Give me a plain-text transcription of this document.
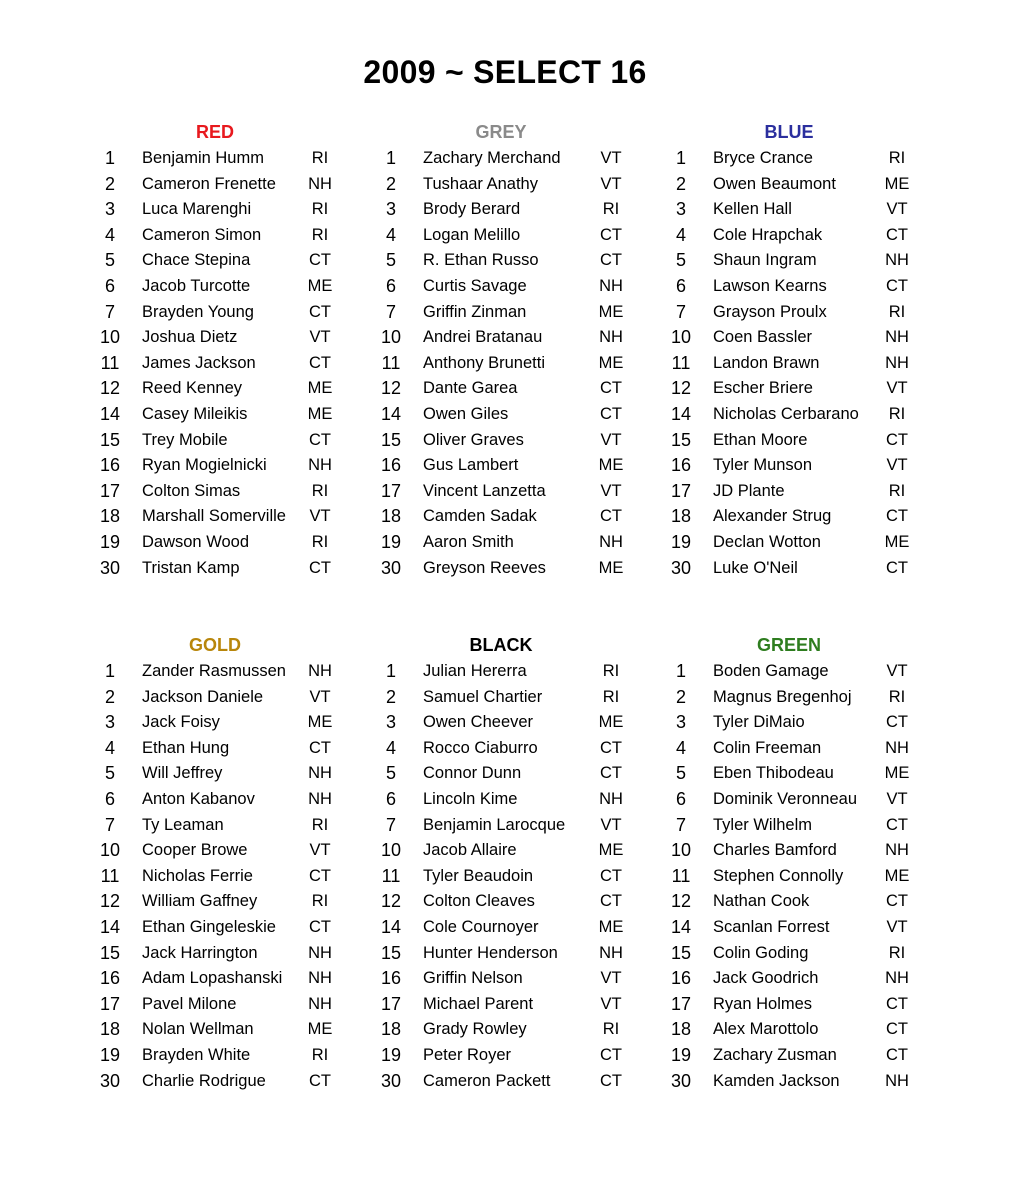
2009 ~ SELECT 16
RED
1	Benjamin Humm	RI
2	Cameron Frenette	NH
3	Luca Marenghi	RI
4	Cameron Simon	RI
5	Chace Stepina	CT
6	Jacob Turcotte	ME
7	Brayden Young	CT
10	Joshua Dietz	VT
11	James Jackson	CT
12	Reed Kenney	ME
14	Casey Mileikis	ME
15	Trey Mobile	CT
16	Ryan Mogielnicki	NH
17	Colton Simas	RI
18	Marshall Somerville	VT
19	Dawson Wood	RI
30	Tristan Kamp	CT
GREY
1	Zachary Merchand	VT
2	Tushaar Anathy	VT
3	Brody Berard	RI
4	Logan Melillo	CT
5	R. Ethan Russo	CT
6	Curtis Savage	NH
7	Griffin Zinman	ME
10	Andrei Bratanau	NH
11	Anthony Brunetti	ME
12	Dante Garea	CT
14	Owen Giles	CT
15	Oliver Graves	VT
16	Gus Lambert	ME
17	Vincent Lanzetta	VT
18	Camden Sadak	CT
19	Aaron Smith	NH
30	Greyson Reeves	ME
BLUE
1	Bryce Crance	RI
2	Owen Beaumont	ME
3	Kellen Hall	VT
4	Cole Hrapchak	CT
5	Shaun Ingram	NH
6	Lawson Kearns	CT
7	Grayson Proulx	RI
10	Coen Bassler	NH
11	Landon Brawn	NH
12	Escher Briere	VT
14	Nicholas Cerbarano	RI
15	Ethan Moore	CT
16	Tyler Munson	VT
17	JD Plante	RI
18	Alexander Strug	CT
19	Declan Wotton	ME
30	Luke O'Neil	CT
GOLD
1	Zander Rasmussen	NH
2	Jackson Daniele	VT
3	Jack Foisy	ME
4	Ethan Hung	CT
5	Will Jeffrey	NH
6	Anton Kabanov	NH
7	Ty Leaman	RI
10	Cooper Browe	VT
11	Nicholas Ferrie	CT
12	William Gaffney	RI
14	Ethan Gingeleskie	CT
15	Jack Harrington	NH
16	Adam Lopashanski	NH
17	Pavel Milone	NH
18	Nolan Wellman	ME
19	Brayden White	RI
30	Charlie Rodrigue	CT
BLACK
1	Julian Hererra	RI
2	Samuel Chartier	RI
3	Owen Cheever	ME
4	Rocco Ciaburro	CT
5	Connor Dunn	CT
6	Lincoln Kime	NH
7	Benjamin Larocque	VT
10	Jacob Allaire	ME
11	Tyler Beaudoin	CT
12	Colton Cleaves	CT
14	Cole Cournoyer	ME
15	Hunter Henderson	NH
16	Griffin Nelson	VT
17	Michael Parent	VT
18	Grady Rowley	RI
19	Peter Royer	CT
30	Cameron Packett	CT
GREEN
1	Boden Gamage	VT
2	Magnus Bregenhoj	RI
3	Tyler DiMaio	CT
4	Colin Freeman	NH
5	Eben Thibodeau	ME
6	Dominik Veronneau	VT
7	Tyler Wilhelm	CT
10	Charles Bamford	NH
11	Stephen Connolly	ME
12	Nathan Cook	CT
14	Scanlan Forrest	VT
15	Colin Goding	RI
16	Jack Goodrich	NH
17	Ryan Holmes	CT
18	Alex Marottolo	CT
19	Zachary Zusman	CT
30	Kamden Jackson	NH
